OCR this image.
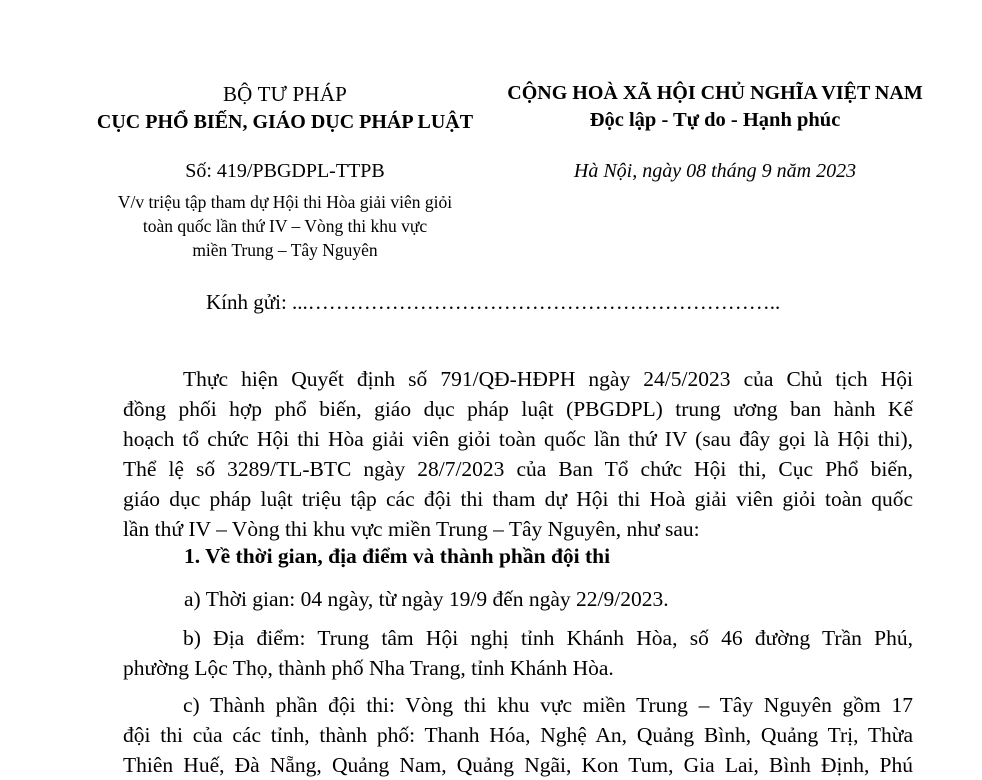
BỘ TƯ PHÁP
CỤC PHỔ BIẾN, GIÁO DỤC PHÁP LUẬT
Số: 419/PBGDPL-TTPB
V/v triệu tập tham dự Hội thi Hòa giải viên giỏi
toàn quốc lần thứ IV – Vòng thi khu vực
miền Trung – Tây Nguyên
CỘNG HOÀ XÃ HỘI CHỦ NGHĨA VIỆT NAM
Độc lập - Tự do - Hạnh phúc
Hà Nội, ngày 08 tháng 9 năm 2023
Kính gửi: ...…………………………………………………………..
Thực hiện Quyết định số 791/QĐ-HĐPH ngày 24/5/2023 của Chủ tịch Hội
đồng phối hợp phổ biến, giáo dục pháp luật (PBGDPL) trung ương ban hành Kế
hoạch tổ chức Hội thi Hòa giải viên giỏi toàn quốc lần thứ IV (sau đây gọi là Hội thi),
Thể lệ số 3289/TL-BTC ngày 28/7/2023 của Ban Tổ chức Hội thi, Cục Phổ biến,
giáo dục pháp luật triệu tập các đội thi tham dự Hội thi Hoà giải viên giỏi toàn quốc
lần thứ IV – Vòng thi khu vực miền Trung – Tây Nguyên, như sau:
1. Về thời gian, địa điểm và thành phần đội thi
a) Thời gian: 04 ngày, từ ngày 19/9 đến ngày 22/9/2023.
b) Địa điểm: Trung tâm Hội nghị tỉnh Khánh Hòa, số 46 đường Trần Phú,
phường Lộc Thọ, thành phố Nha Trang, tỉnh Khánh Hòa.
c) Thành phần đội thi: Vòng thi khu vực miền Trung – Tây Nguyên gồm 17
đội thi của các tỉnh, thành phố: Thanh Hóa, Nghệ An, Quảng Bình, Quảng Trị, Thừa
Thiên Huế, Đà Nẵng, Quảng Nam, Quảng Ngãi, Kon Tum, Gia Lai, Bình Định, Phú
